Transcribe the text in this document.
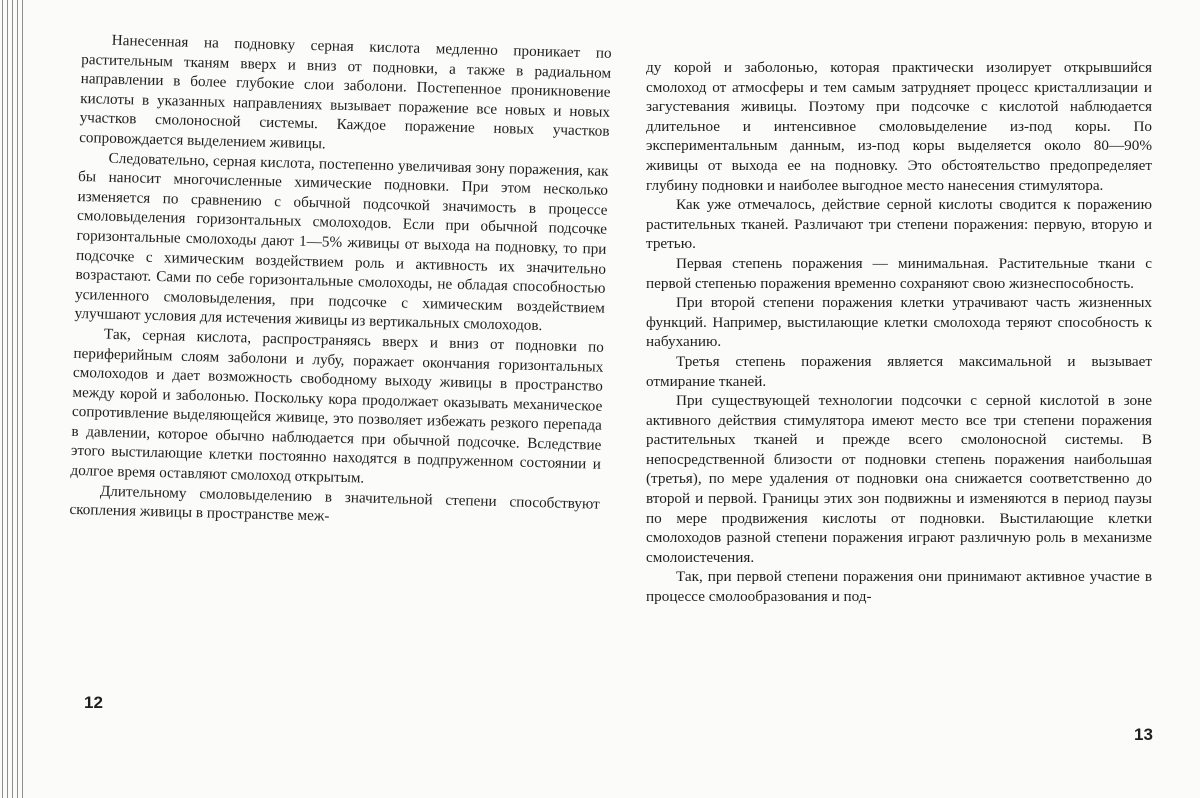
Нанесенная на подновку серная кислота медленно проникает по растительным тканям вверх и вниз от подновки, а также в радиальном направлении в более глубокие слои заболони. Постепенное проникновение кислоты в указанных направлениях вызывает поражение все новых и новых участков смолоносной системы. Каждое поражение новых участков сопровождается выделением живицы.

Следовательно, серная кислота, постепенно увеличивая зону поражения, как бы наносит многочисленные химические подновки. При этом несколько изменяется по сравнению с обычной подсочкой значимость в процессе смоловыделения горизонтальных смолоходов. Если при обычной подсочке горизонтальные смолоходы дают 1—5% живицы от выхода на подновку, то при подсочке с химическим воздействием роль и активность их значительно возрастают. Сами по себе горизонтальные смолоходы, не обладая способностью усиленного смоловыделения, при подсочке с химическим воздействием улучшают условия для истечения живицы из вертикальных смолоходов.

Так, серная кислота, распространяясь вверх и вниз от подновки по периферийным слоям заболони и лубу, поражает окончания горизонтальных смолоходов и дает возможность свободному выходу живицы в пространство между корой и заболонью. Поскольку кора продолжает оказывать механическое сопротивление выделяющейся живице, это позволяет избежать резкого перепада в давлении, которое обычно наблюдается при обычной подсочке. Вследствие этого выстилающие клетки постоянно находятся в подпруженном состоянии и долгое время оставляют смолоход открытым.

Длительному смоловыделению в значительной степени способствуют скопления живицы в пространстве меж-

12

ду корой и заболонью, которая практически изолирует открывшийся смолоход от атмосферы и тем самым затрудняет процесс кристаллизации и загустевания живицы. Поэтому при подсочке с кислотой наблюдается длительное и интенсивное смоловыделение из-под коры. По экспериментальным данным, из-под коры выделяется около 80—90% живицы от выхода ее на подновку. Это обстоятельство предопределяет глубину подновки и наиболее выгодное место нанесения стимулятора.

Как уже отмечалось, действие серной кислоты сводится к поражению растительных тканей. Различают три степени поражения: первую, вторую и третью.

Первая степень поражения — минимальная. Растительные ткани с первой степенью поражения временно сохраняют свою жизнеспособность.

При второй степени поражения клетки утрачивают часть жизненных функций. Например, выстилающие клетки смолохода теряют способность к набуханию.

Третья степень поражения является максимальной и вызывает отмирание тканей.

При существующей технологии подсочки с серной кислотой в зоне активного действия стимулятора имеют место все три степени поражения растительных тканей и прежде всего смолоносной системы. В непосредственной близости от подновки степень поражения наибольшая (третья), по мере удаления от подновки она снижается соответственно до второй и первой. Границы этих зон подвижны и изменяются в период паузы по мере продвижения кислоты от подновки. Выстилающие клетки смолоходов разной степени поражения играют различную роль в механизме смолоистечения.

Так, при первой степени поражения они принимают активное участие в процессе смолообразования и под-

13
